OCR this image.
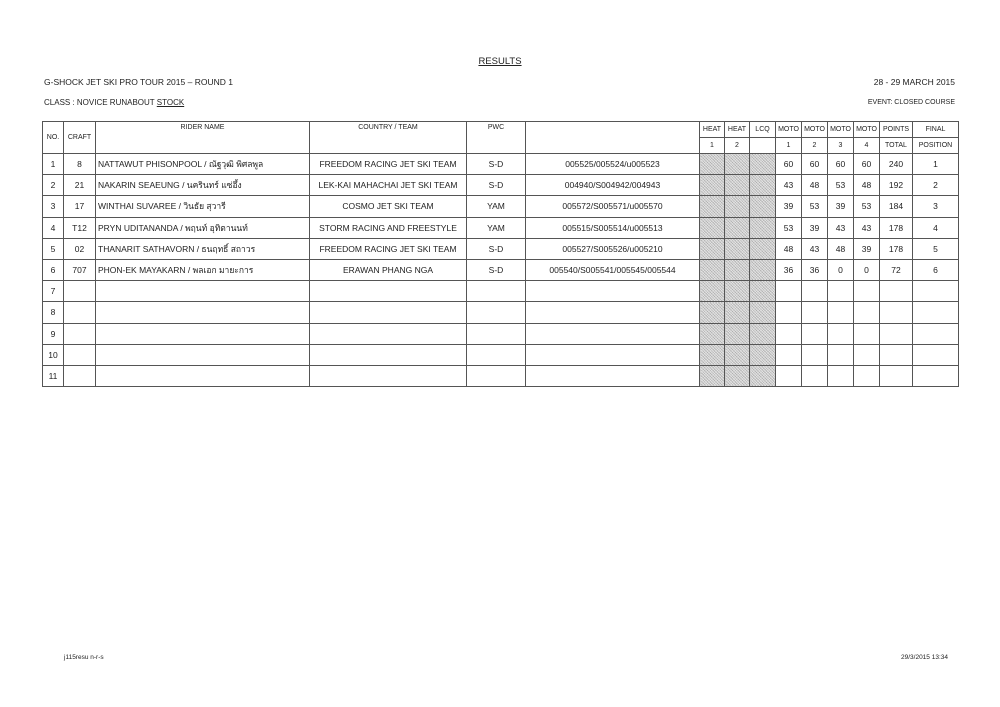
RESULTS
G-SHOCK JET SKI PRO TOUR 2015 – ROUND 1	28 - 29 MARCH 2015
CLASS : NOVICE RUNABOUT STOCK	EVENT: CLOSED COURSE
NO.	CRAFT	RIDER NAME	COUNTRY / TEAM	PWC		HEAT	HEAT	LCQ	MOTO	MOTO	MOTO	MOTO	POINTS	FINAL
						1	2		1	2	3	4	TOTAL	POSITION
1	8	NATTAWUT PHISONPOOL / ณัฐวุฒิ พิศลพูล	FREEDOM RACING JET SKI TEAM	S-D	005525/005524/u005523				60	60	60	60	240	1
2	21	NAKARIN SEAEUNG / นครินทร์ แซ่อึ้ง	LEK-KAI MAHACHAI JET SKI TEAM	S-D	004940/S004942/004943				43	48	53	48	192	2
3	17	WINTHAI SUVAREE / วินธัย สุวารี	COSMO JET SKI TEAM	YAM	005572/S005571/u005570				39	53	39	53	184	3
4	T12	PRYN UDITANANDA / พฤนท์ อุทิตานนท์	STORM RACING AND FREESTYLE	YAM	005515/S005514/u005513				53	39	43	43	178	4
5	02	THANARIT SATHAVORN / ธนฤทธิ์ สถาวร	FREEDOM RACING JET SKI TEAM	S-D	005527/S005526/u005210				48	43	48	39	178	5
6	707	PHON-EK MAYAKARN / พลเอก มายะการ	ERAWAN PHANG NGA	S-D	005540/S005541/005545/005544				36	36	0	0	72	6
7														
8														
9														
10														
11														
j115resu n-r-s	29/3/2015 13:34
